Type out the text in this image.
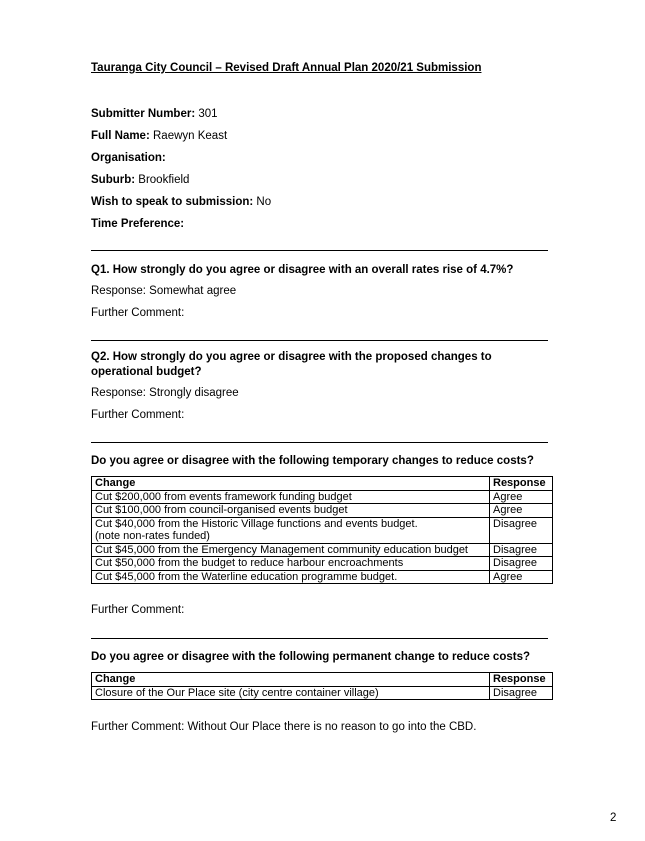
Tauranga City Council – Revised Draft Annual Plan 2020/21 Submission
Submitter Number: 301
Full Name: Raewyn Keast
Organisation:
Suburb: Brookfield
Wish to speak to submission: No
Time Preference:
Q1. How strongly do you agree or disagree with an overall rates rise of 4.7%?
Response: Somewhat agree
Further Comment:
Q2. How strongly do you agree or disagree with the proposed changes to operational budget?
Response: Strongly disagree
Further Comment:
Do you agree or disagree with the following temporary changes to reduce costs?
Change	Response
Cut $200,000 from events framework funding budget	Agree
Cut $100,000 from council-organised events budget	Agree

Cut $40,000 from the Historic Village functions and events budget.
(note non-rates funded)	Disagree
Cut $45,000 from the Emergency Management community education budget	Disagree
Cut $50,000 from the budget to reduce harbour encroachments	Disagree
Cut $45,000 from the Waterline education programme budget.	Agree
Further Comment:
Do you agree or disagree with the following permanent change to reduce costs?
Change	Response
Closure of the Our Place site (city centre container village)	Disagree
Further Comment: Without Our Place there is no reason to go into the CBD.
2
